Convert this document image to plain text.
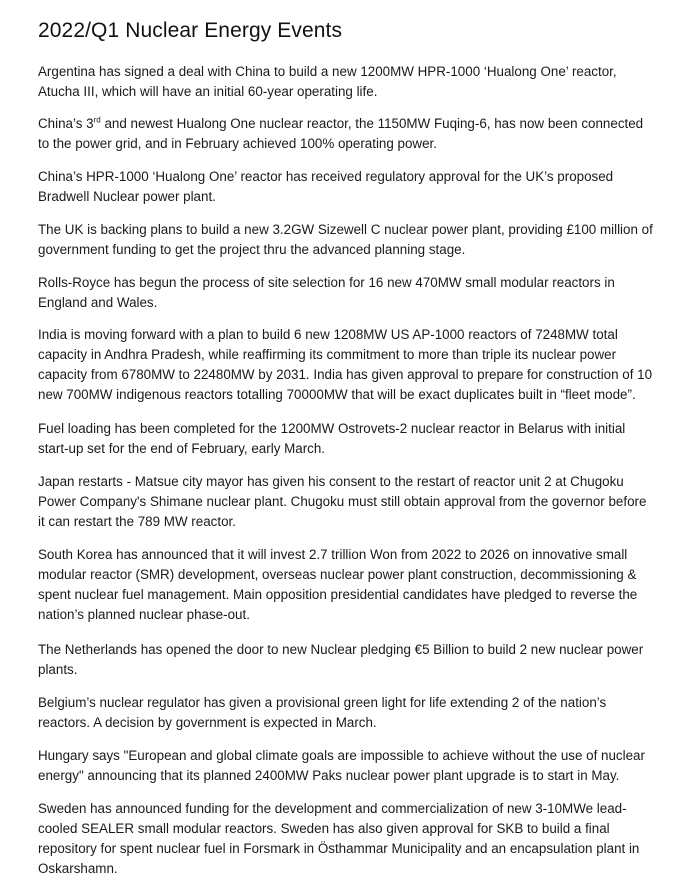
2022/Q1 Nuclear Energy Events

Argentina has signed a deal with China to build a new 1200MW HPR-1000 ‘Hualong One’ reactor, Atucha III, which will have an initial 60-year operating life.

China’s 3rd and newest Hualong One nuclear reactor, the 1150MW Fuqing-6, has now been connected to the power grid, and in February achieved 100% operating power.

China’s HPR-1000 ‘Hualong One’ reactor has received regulatory approval for the UK’s proposed Bradwell Nuclear power plant.

The UK is backing plans to build a new 3.2GW Sizewell C nuclear power plant, providing £100 million of government funding to get the project thru the advanced planning stage.

Rolls-Royce has begun the process of site selection for 16 new 470MW small modular reactors in England and Wales.

India is moving forward with a plan to build 6 new 1208MW US AP-1000 reactors of 7248MW total capacity in Andhra Pradesh, while reaffirming its commitment to more than triple its nuclear power capacity from 6780MW to 22480MW by 2031. India has given approval to prepare for construction of 10 new 700MW indigenous reactors totalling 70000MW that will be exact duplicates built in “fleet mode”.

Fuel loading has been completed for the 1200MW Ostrovets-2 nuclear reactor in Belarus with initial start-up set for the end of February, early March.

Japan restarts - Matsue city mayor has given his consent to the restart of reactor unit 2 at Chugoku Power Company's Shimane nuclear plant. Chugoku must still obtain approval from the governor before it can restart the 789 MW reactor.

South Korea has announced that it will invest 2.7 trillion Won from 2022 to 2026 on innovative small modular reactor (SMR) development, overseas nuclear power plant construction, decommissioning & spent nuclear fuel management. Main opposition presidential candidates have pledged to reverse the nation’s planned nuclear phase-out.

The Netherlands has opened the door to new Nuclear pledging €5 Billion to build 2 new nuclear power plants.

Belgium’s nuclear regulator has given a provisional green light for life extending 2 of the nation’s reactors. A decision by government is expected in March.

Hungary says "European and global climate goals are impossible to achieve without the use of nuclear energy" announcing that its planned 2400MW Paks nuclear power plant upgrade is to start in May.

Sweden has announced funding for the development and commercialization of new 3-10MWe lead-cooled SEALER small modular reactors. Sweden has also given approval for SKB to build a final repository for spent nuclear fuel in Forsmark in Östhammar Municipality and an encapsulation plant in Oskarshamn.
